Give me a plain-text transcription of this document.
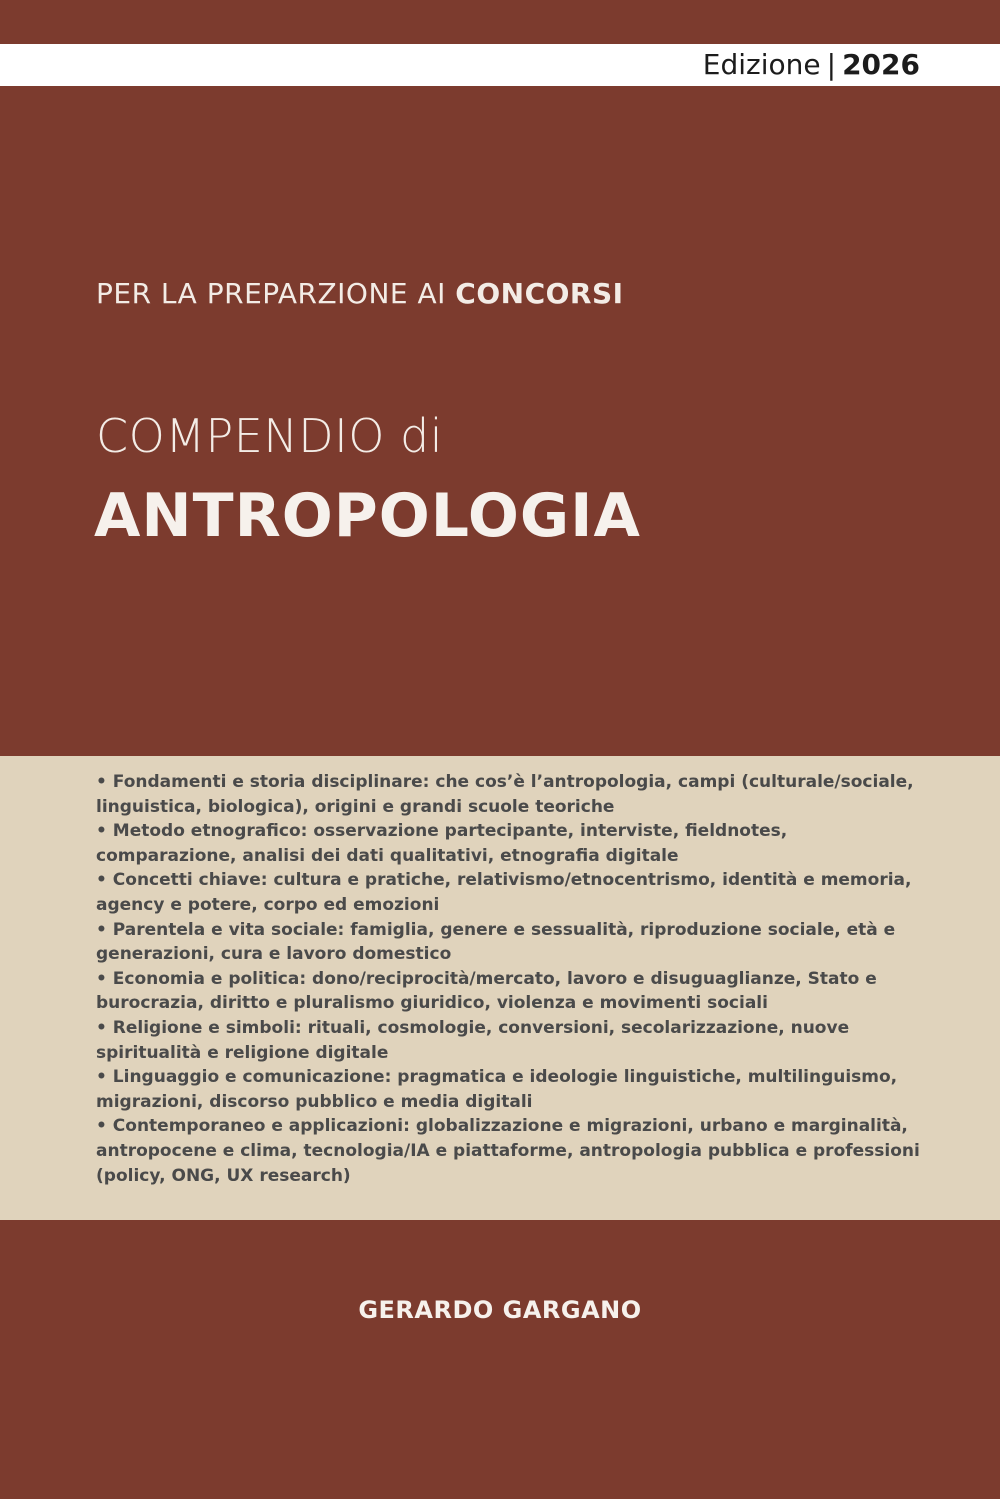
Edizione | 2026
PER LA PREPARZIONE AI CONCORSI
COMPENDIO di
ANTROPOLOGIA

• Fondamenti e storia disciplinare: che cos’è l’antropologia, campi (culturale/sociale, linguistica, biologica), origini e grandi scuole teoriche

• Metodo etnografico: osservazione partecipante, interviste, fieldnotes, comparazione, analisi dei dati qualitativi, etnografia digitale

• Concetti chiave: cultura e pratiche, relativismo/etnocentrismo, identità e memoria, agency e potere, corpo ed emozioni

• Parentela e vita sociale: famiglia, genere e sessualità, riproduzione sociale, età e generazioni, cura e lavoro domestico

• Economia e politica: dono/reciprocità/mercato, lavoro e disuguaglianze, Stato e burocrazia, diritto e pluralismo giuridico, violenza e movimenti sociali

• Religione e simboli: rituali, cosmologie, conversioni, secolarizzazione, nuove spiritualità e religione digitale

• Linguaggio e comunicazione: pragmatica e ideologie linguistiche, multilinguismo, migrazioni, discorso pubblico e media digitali

• Contemporaneo e applicazioni: globalizzazione e migrazioni, urbano e marginalità, antropocene e clima, tecnologia/IA e piattaforme, antropologia pubblica e professioni (policy, ONG, UX research)

GERARDO GARGANO
